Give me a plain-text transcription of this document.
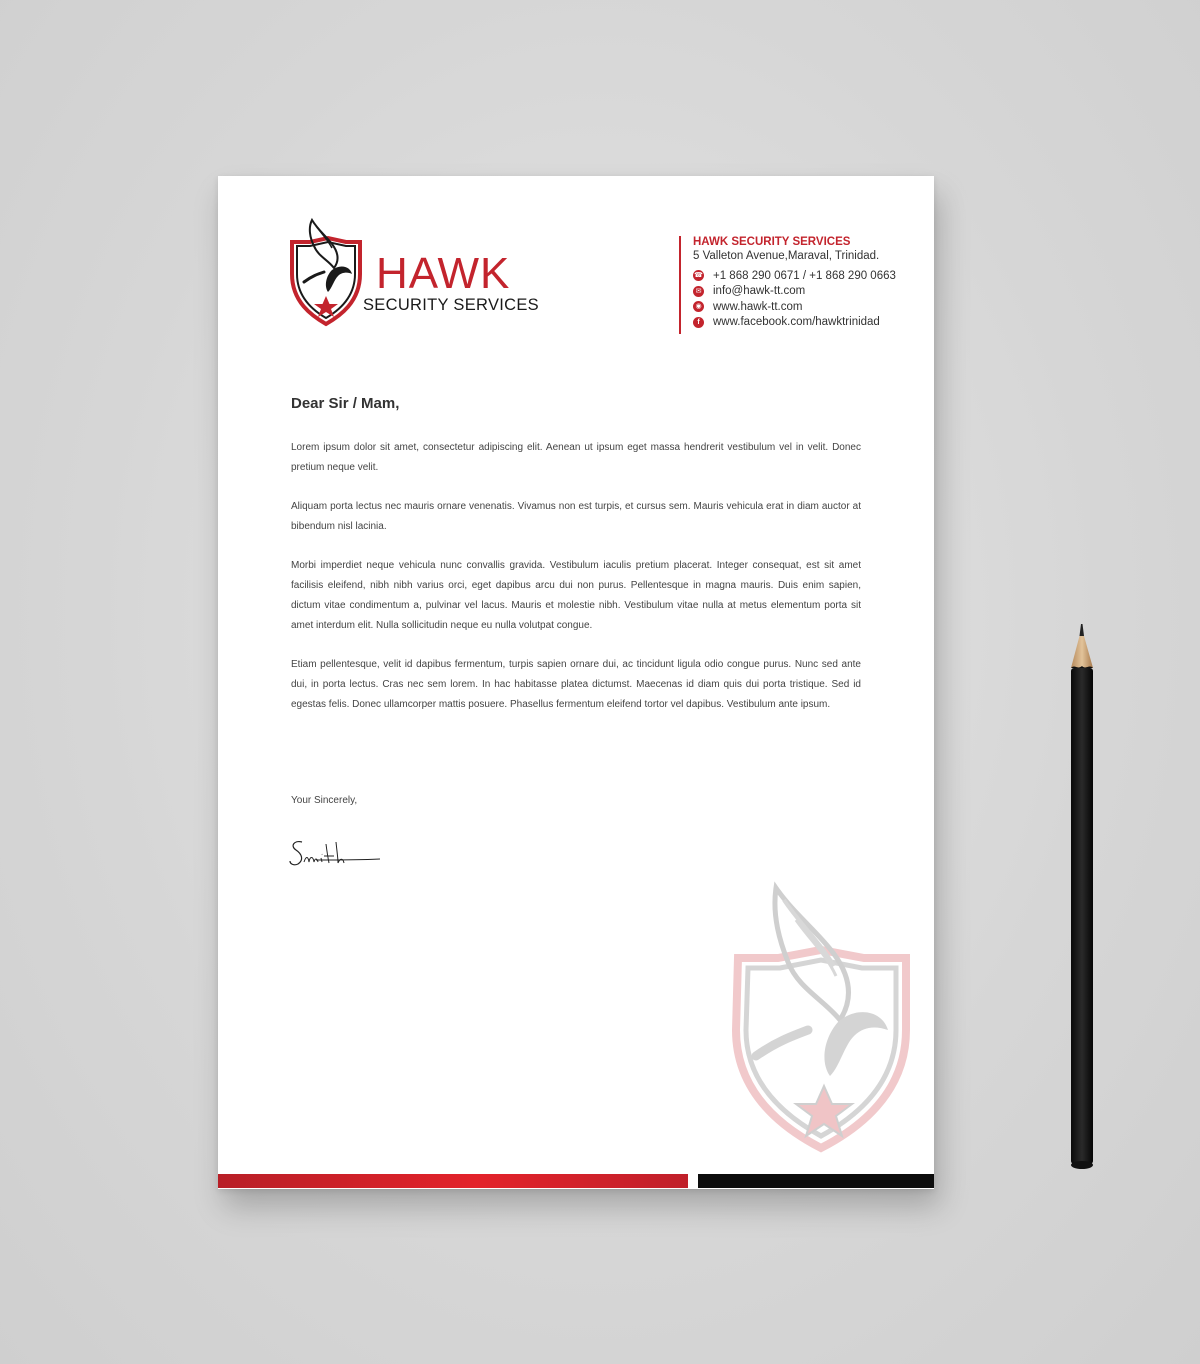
HAWK
SECURITY SERVICES
HAWK SECURITY SERVICES
5 Valleton Avenue,Maraval, Trinidad.
☎ +1 868 290 0671 / +1 868 290 0663
✉ info@hawk-tt.com
◉ www.hawk-tt.com
f	www.facebook.com/hawktrinidad
Dear Sir / Mam,

Lorem ipsum dolor sit amet, consectetur adipiscing elit. Aenean ut ipsum eget massa hendrerit vestibulum vel in velit. Donec pretium neque velit.

Aliquam porta lectus nec mauris ornare venenatis. Vivamus non est turpis, et cursus sem. Mauris vehicula erat in diam auctor at bibendum nisl lacinia.

Morbi imperdiet neque vehicula nunc convallis gravida. Vestibulum iaculis pretium placerat. Integer consequat, est sit amet facilisis eleifend, nibh nibh varius orci, eget dapibus arcu dui non purus. Pellentesque in magna mauris. Duis enim sapien, dictum vitae condimentum a, pulvinar vel lacus. Mauris et molestie nibh. Vestibulum vitae nulla at metus elementum porta sit amet interdum elit. Nulla sollicitudin neque eu nulla volutpat congue.

Etiam pellentesque, velit id dapibus fermentum, turpis sapien ornare dui, ac tincidunt ligula odio congue purus. Nunc sed ante dui, in porta lectus. Cras nec sem lorem. In hac habitasse platea dictumst. Maecenas id diam quis dui porta tristique. Sed id egestas felis. Donec ullamcorper mattis posuere. Phasellus fermentum eleifend tortor vel dapibus. Vestibulum ante ipsum.

Your Sincerely,
